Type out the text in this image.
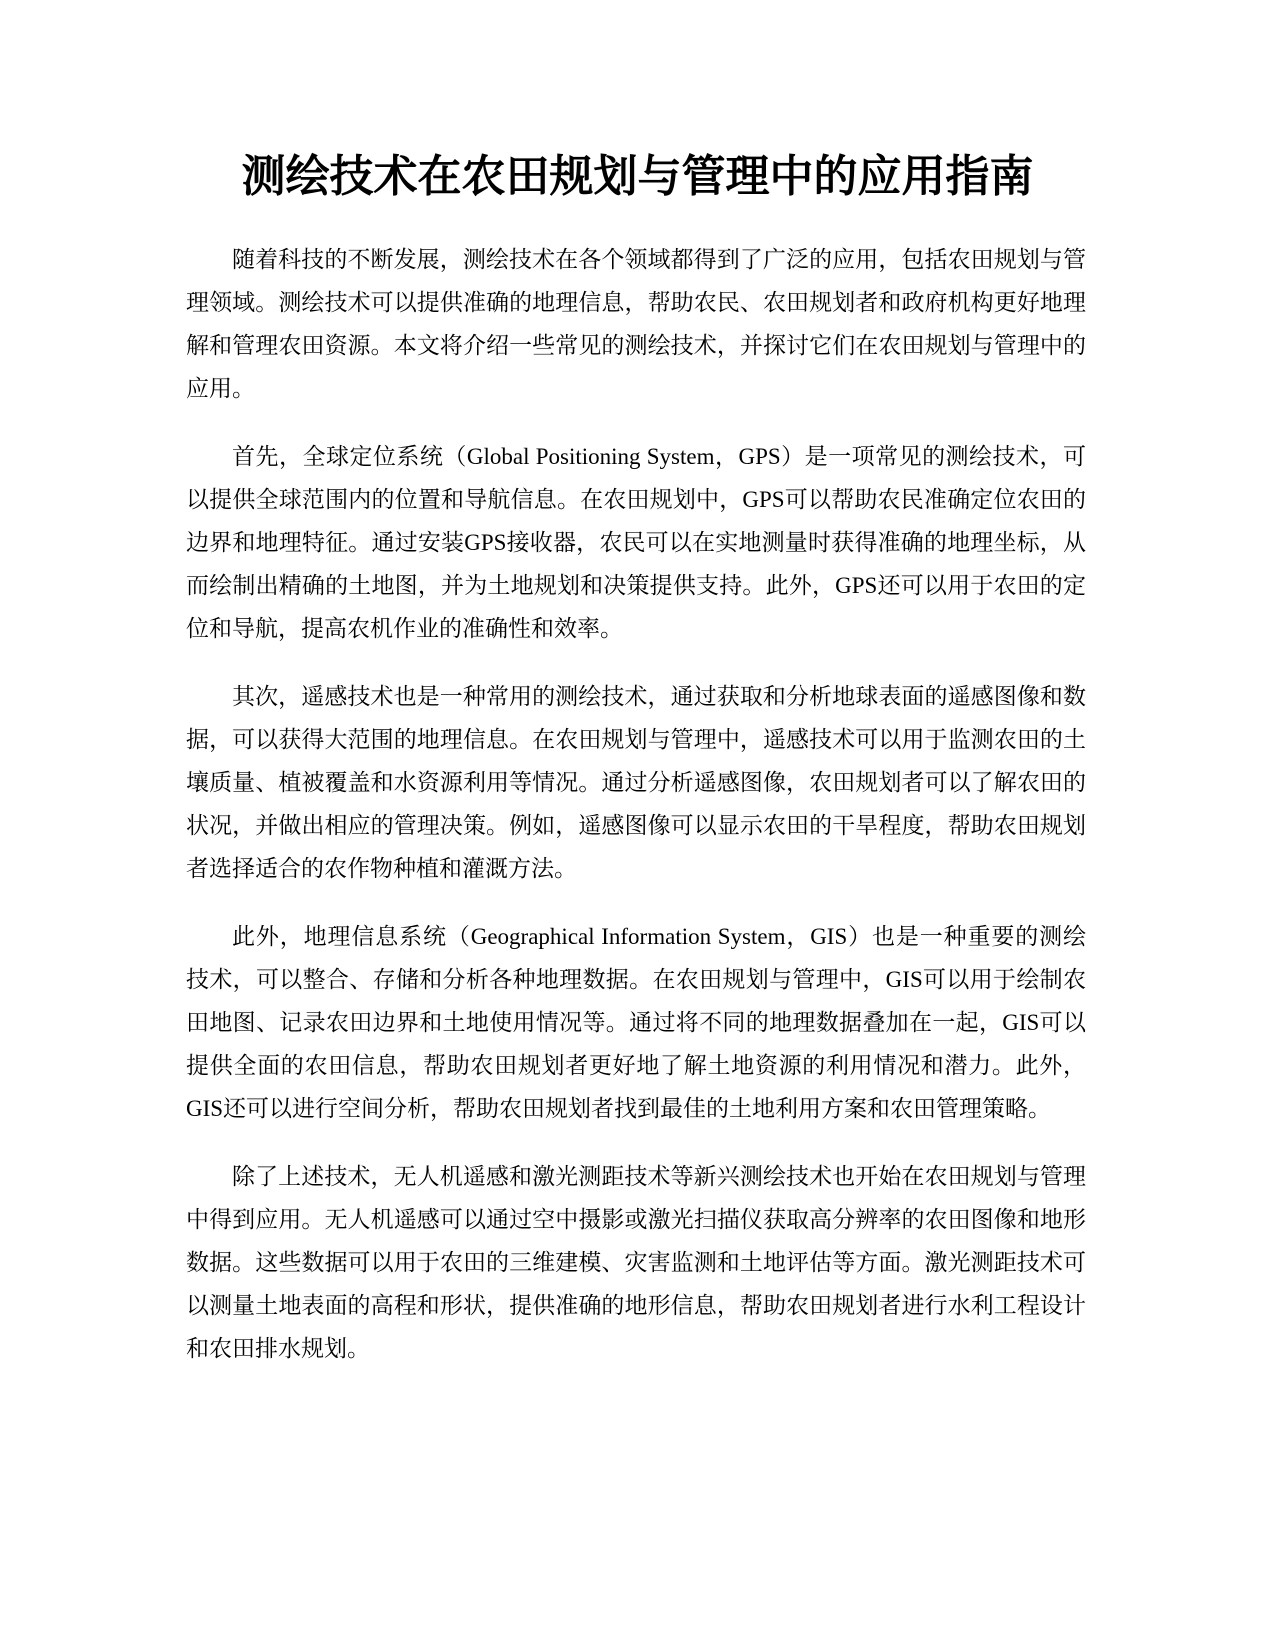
测绘技术在农田规划与管理中的应用指南

随着科技的不断发展，测绘技术在各个领域都得到了广泛的应用，包括农田规划与管理领域。测绘技术可以提供准确的地理信息，帮助农民、农田规划者和政府机构更好地理解和管理农田资源。本文将介绍一些常见的测绘技术，并探讨它们在农田规划与管理中的应用。

首先，全球定位系统（Global Positioning System，GPS）是一项常见的测绘技术，可以提供全球范围内的位置和导航信息。在农田规划中，GPS可以帮助农民准确定位农田的边界和地理特征。通过安装GPS接收器，农民可以在实地测量时获得准确的地理坐标，从而绘制出精确的土地图，并为土地规划和决策提供支持。此外，GPS还可以用于农田的定位和导航，提高农机作业的准确性和效率。

其次，遥感技术也是一种常用的测绘技术，通过获取和分析地球表面的遥感图像和数据，可以获得大范围的地理信息。在农田规划与管理中，遥感技术可以用于监测农田的土壤质量、植被覆盖和水资源利用等情况。通过分析遥感图像，农田规划者可以了解农田的状况，并做出相应的管理决策。例如，遥感图像可以显示农田的干旱程度，帮助农田规划者选择适合的农作物种植和灌溉方法。

此外，地理信息系统（Geographical Information System，GIS）也是一种重要的测绘技术，可以整合、存储和分析各种地理数据。在农田规划与管理中，GIS可以用于绘制农田地图、记录农田边界和土地使用情况等。通过将不同的地理数据叠加在一起，GIS可以提供全面的农田信息，帮助农田规划者更好地了解土地资源的利用情况和潜力。此外，GIS还可以进行空间分析，帮助农田规划者找到最佳的土地利用方案和农田管理策略。

除了上述技术，无人机遥感和激光测距技术等新兴测绘技术也开始在农田规划与管理中得到应用。无人机遥感可以通过空中摄影或激光扫描仪获取高分辨率的农田图像和地形数据。这些数据可以用于农田的三维建模、灾害监测和土地评估等方面。激光测距技术可以测量土地表面的高程和形状，提供准确的地形信息，帮助农田规划者进行水利工程设计和农田排水规划。
